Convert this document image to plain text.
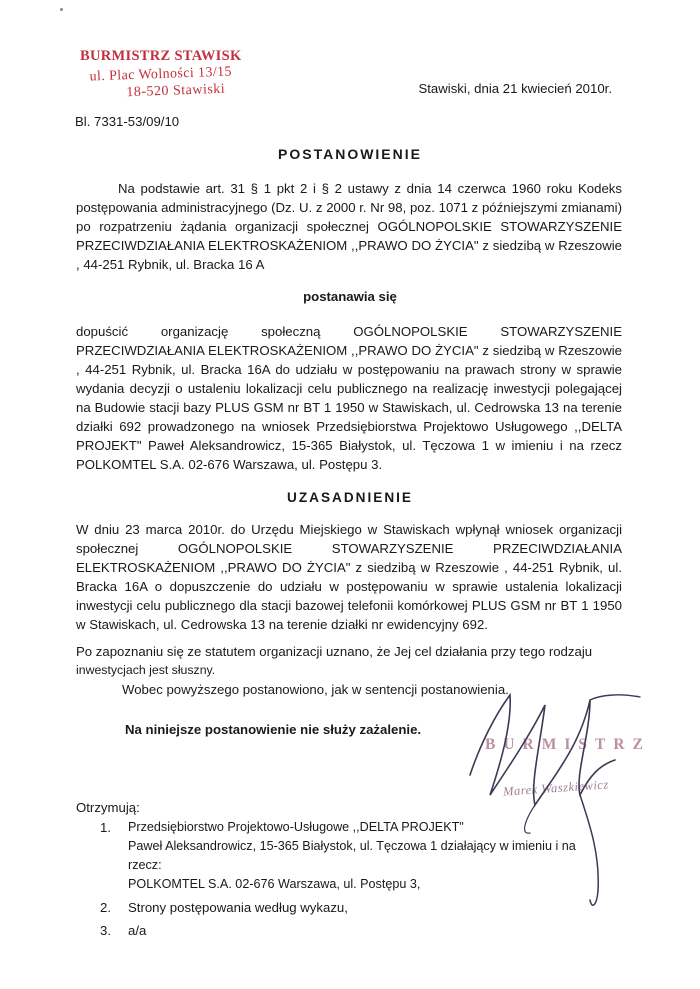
BURMISTRZ STAWISK
ul. Plac Wolności 13/15
18-520 Stawiski	Stawiski, dnia 21 kwiecień 2010r.
Bl. 7331-53/09/10
POSTANOWIENIE
Na podstawie art. 31 § 1 pkt 2 i § 2 ustawy z dnia 14 czerwca 1960 roku Kodeks postępowania administracyjnego (Dz. U. z 2000 r. Nr 98, poz. 1071 z późniejszymi zmianami) po rozpatrzeniu żądania organizacji społecznej OGÓLNOPOLSKIE STOWARZYSZENIE PRZECIWDZIAŁANIA ELEKTROSKAŻENIOM ,,PRAWO DO ŻYCIA" z siedzibą w Rzeszowie , 44-251 Rybnik, ul. Bracka 16 A
postanawia się
dopuścić organizację społeczną OGÓLNOPOLSKIE STOWARZYSZENIE PRZECIWDZIAŁANIA ELEKTROSKAŻENIOM ,,PRAWO DO ŻYCIA" z siedzibą w Rzeszowie , 44-251 Rybnik, ul. Bracka 16A do udziału w postępowaniu na prawach strony w sprawie wydania decyzji o ustaleniu lokalizacji celu publicznego na realizację inwestycji polegającej na Budowie stacji bazy PLUS GSM nr BT 1 1950 w Stawiskach, ul. Cedrowska 13 na terenie działki 692 prowadzonego na wniosek Przedsiębiorstwa Projektowo Usługowego ,,DELTA PROJEKT" Paweł Aleksandrowicz, 15-365 Białystok, ul. Tęczowa 1 w imieniu i na rzecz POLKOMTEL S.A. 02-676 Warszawa, ul. Postępu 3.
UZASADNIENIE
W dniu 23 marca 2010r. do Urzędu Miejskiego w Stawiskach wpłynął wniosek organizacji społecznej OGÓLNOPOLSKIE STOWARZYSZENIE PRZECIWDZIAŁANIA ELEKTROSKAŻENIOM ,,PRAWO DO ŻYCIA" z siedzibą w Rzeszowie , 44-251 Rybnik, ul. Bracka 16A o dopuszczenie do udziału w postępowaniu w sprawie ustalenia lokalizacji inwestycji celu publicznego dla stacji bazowej telefonii komórkowej PLUS GSM nr BT 1 1950 w Stawiskach, ul. Cedrowska 13 na terenie działki nr ewidencyjny 692.
Po zapoznaniu się ze statutem organizacji uznano, że Jej cel działania przy tego rodzaju
inwestycjach jest słuszny.
Wobec powyższego postanowiono, jak w sentencji postanowienia.
Na niniejsze postanowienie nie służy zażalenie.
BURMISTRZ
Marek Waszkiewicz
Otrzymują:
1. Przedsiębiorstwo Projektowo-Usługowe ,,DELTA PROJEKT"
Paweł Aleksandrowicz, 15-365 Białystok, ul. Tęczowa 1 działający w imieniu i na rzecz:
POLKOMTEL S.A. 02-676 Warszawa, ul. Postępu 3,
2. Strony postępowania według wykazu,
3. a/a
